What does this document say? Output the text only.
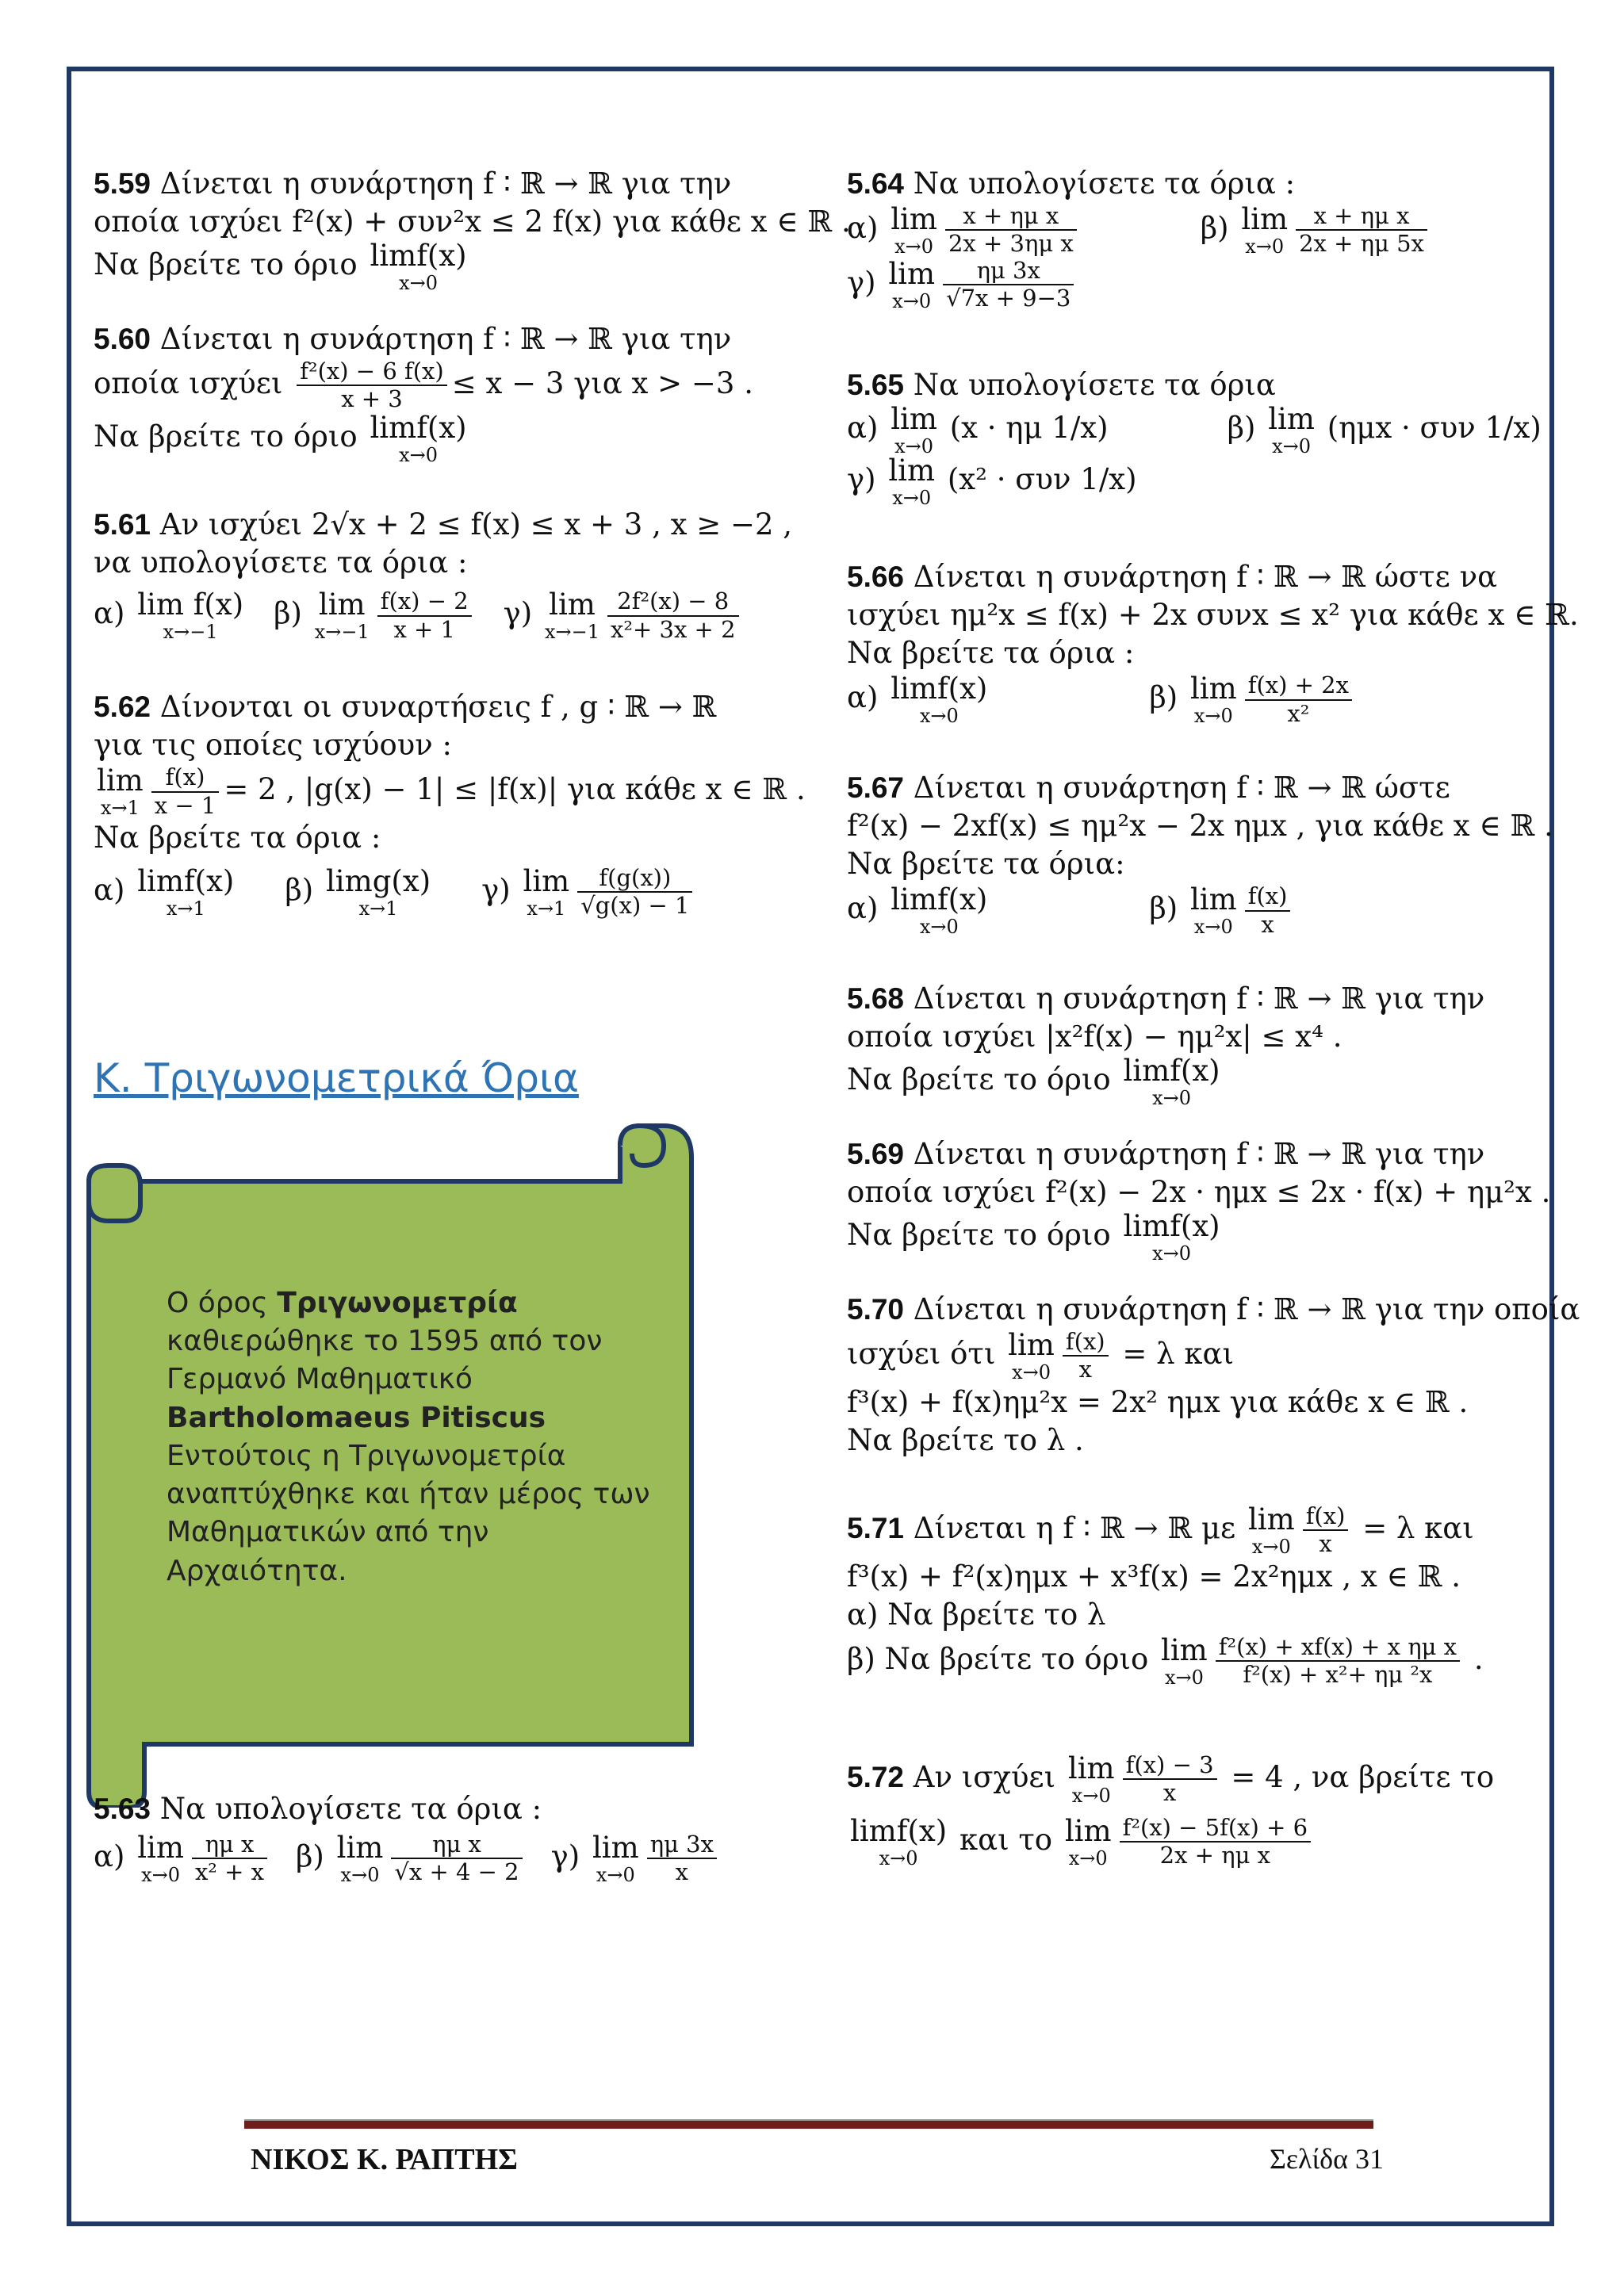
5.59 Δίνεται η συνάρτηση f ∶ ℝ → ℝ για την
οποία ισχύει f²(x) + συν²x ≤ 2 f(x) για κάθε x ∈ ℝ .
Να βρείτε το όριο limf(x)
x→0
5.60 Δίνεται η συνάρτηση f ∶ ℝ → ℝ για την
οποία ισχύει $\frac{\text{f²(x) − 6 f(x)}}{x + 3} \le x - 3$ για x > −3 .
Να βρείτε το όριο limf(x)
x→0
5.61 Αν ισχύει 2√x + 2 ≤ f(x) ≤ x + 3 , x ≥ −2 ,
να υπολογίσετε τα όρια :
α) lim f(x)
x→−1
β) lim
$x\to-1 \frac{f(x) - 2}{x + 1} \gamma$) lim
$x\to-1 \frac{\text{2f²(x) − 8}}{\text{x²+ 3x + 2}}$
5.62 Δίνονται οι συναρτήσεις f , g ∶ ℝ → ℝ
για τις οποίες ισχύουν :
lim
$x\to 1 \frac{f(x)}{x - 1} = 2$ , |g(x) − 1| ≤ |f(x)| για κάθε x ∈ ℝ .
Να βρείτε τα όρια :
α) limf(x)
x→1
β) limg(x)
x→1
γ) lim
$x\to 1 \frac{f(g(x))}{√g(x) - 1}$
Κ. Τριγωνομετρικά Όρια
Ο όρος Τριγωνομετρία
καθιερώθηκε το 1595 από τον
Γερμανό Μαθηματικό
Bartholomaeus Pitiscus
Εντούτοις η Τριγωνομετρία
αναπτύχθηκε και ήταν μέρος των
Μαθηματικών από την
Αρχαιότητα.
5.63 Να υπολογίσετε τα όρια :
α) lim
$x\to 0 \frac{\text{ημ x}}{\text{x² + x}} \beta$) lim
$x\to 0 \frac{\text{ημ x}}{√x + 4 - 2} \gamma$) lim
$x\to 0 \frac{\eta\mu 3x}{x}$
5.64 Να υπολογίσετε τα όρια :
α) lim
$x\to 0 \frac{\text{x + ημ x}}{\text{2x + 3ημ x}}$	β) lim
$x\to 0 \frac{\text{x + ημ x}}{2x + \eta\mu 5x}$
γ) lim
$x\to 0 \frac{\eta\mu 3x}{√7x + 9-3}$
5.65 Να υπολογίσετε τα όρια
α) lim
x→0
(x · ημ 1/x)	β) lim
x→0
(ημx · συν 1/x)
γ) lim
x→0
(x² · συν 1/x)
5.66 Δίνεται η συνάρτηση f ∶ ℝ → ℝ ώστε να
ισχύει ημ²x ≤ f(x) + 2x συνx ≤ x² για κάθε x ∈ ℝ.
Να βρείτε τα όρια :
α) limf(x)
x→0
β) lim
$x\to 0 \frac{f(x) + 2x}{\text{x²}}$
5.67 Δίνεται η συνάρτηση f ∶ ℝ → ℝ ώστε
f²(x) − 2xf(x) ≤ ημ²x − 2x ημx , για κάθε x ∈ ℝ .
Να βρείτε τα όρια:
α) limf(x)
x→0
β) lim
$x\to 0 \frac{f(x)}{x}$
5.68 Δίνεται η συνάρτηση f ∶ ℝ → ℝ για την
οποία ισχύει |x²f(x) − ημ²x| ≤ x⁴ .
Να βρείτε το όριο limf(x)
x→0
5.69 Δίνεται η συνάρτηση f ∶ ℝ → ℝ για την
οποία ισχύει f²(x) − 2x · ημx ≤ 2x · f(x) + ημ²x .
Να βρείτε το όριο limf(x)
x→0
5.70 Δίνεται η συνάρτηση f ∶ ℝ → ℝ για την οποία
ισχύει ότι lim
$x\to 0 \frac{f(x)}{x} = \lambda$ και
f³(x) + f(x)ημ²x = 2x² ημx για κάθε x ∈ ℝ .
Να βρείτε το λ .
5.71 Δίνεται η f ∶ ℝ → ℝ με lim
$x\to 0 \frac{f(x)}{x} = \lambda$ και
f³(x) + f²(x)ημx + x³f(x) = 2x²ημx , x ∈ ℝ .
α) Να βρείτε το λ
β) Να βρείτε το όριο lim
$x\to 0 \frac{\text{f²(x) + xf(x) + x ημ x}}{\text{f²(x) + x²+ ημ ²x}}$ .
5.72 Αν ισχύει lim
$x\to 0 \frac{f(x) - 3}{x} = 4$ , να βρείτε το
limf(x)
x→0
και το lim
$x\to 0 \frac{\text{f²(x) − 5f(x) + 6}}{\text{2x + ημ x}}$
ΝΙΚΟΣ Κ. ΡΑΠΤΗΣ	Σελίδα 31
